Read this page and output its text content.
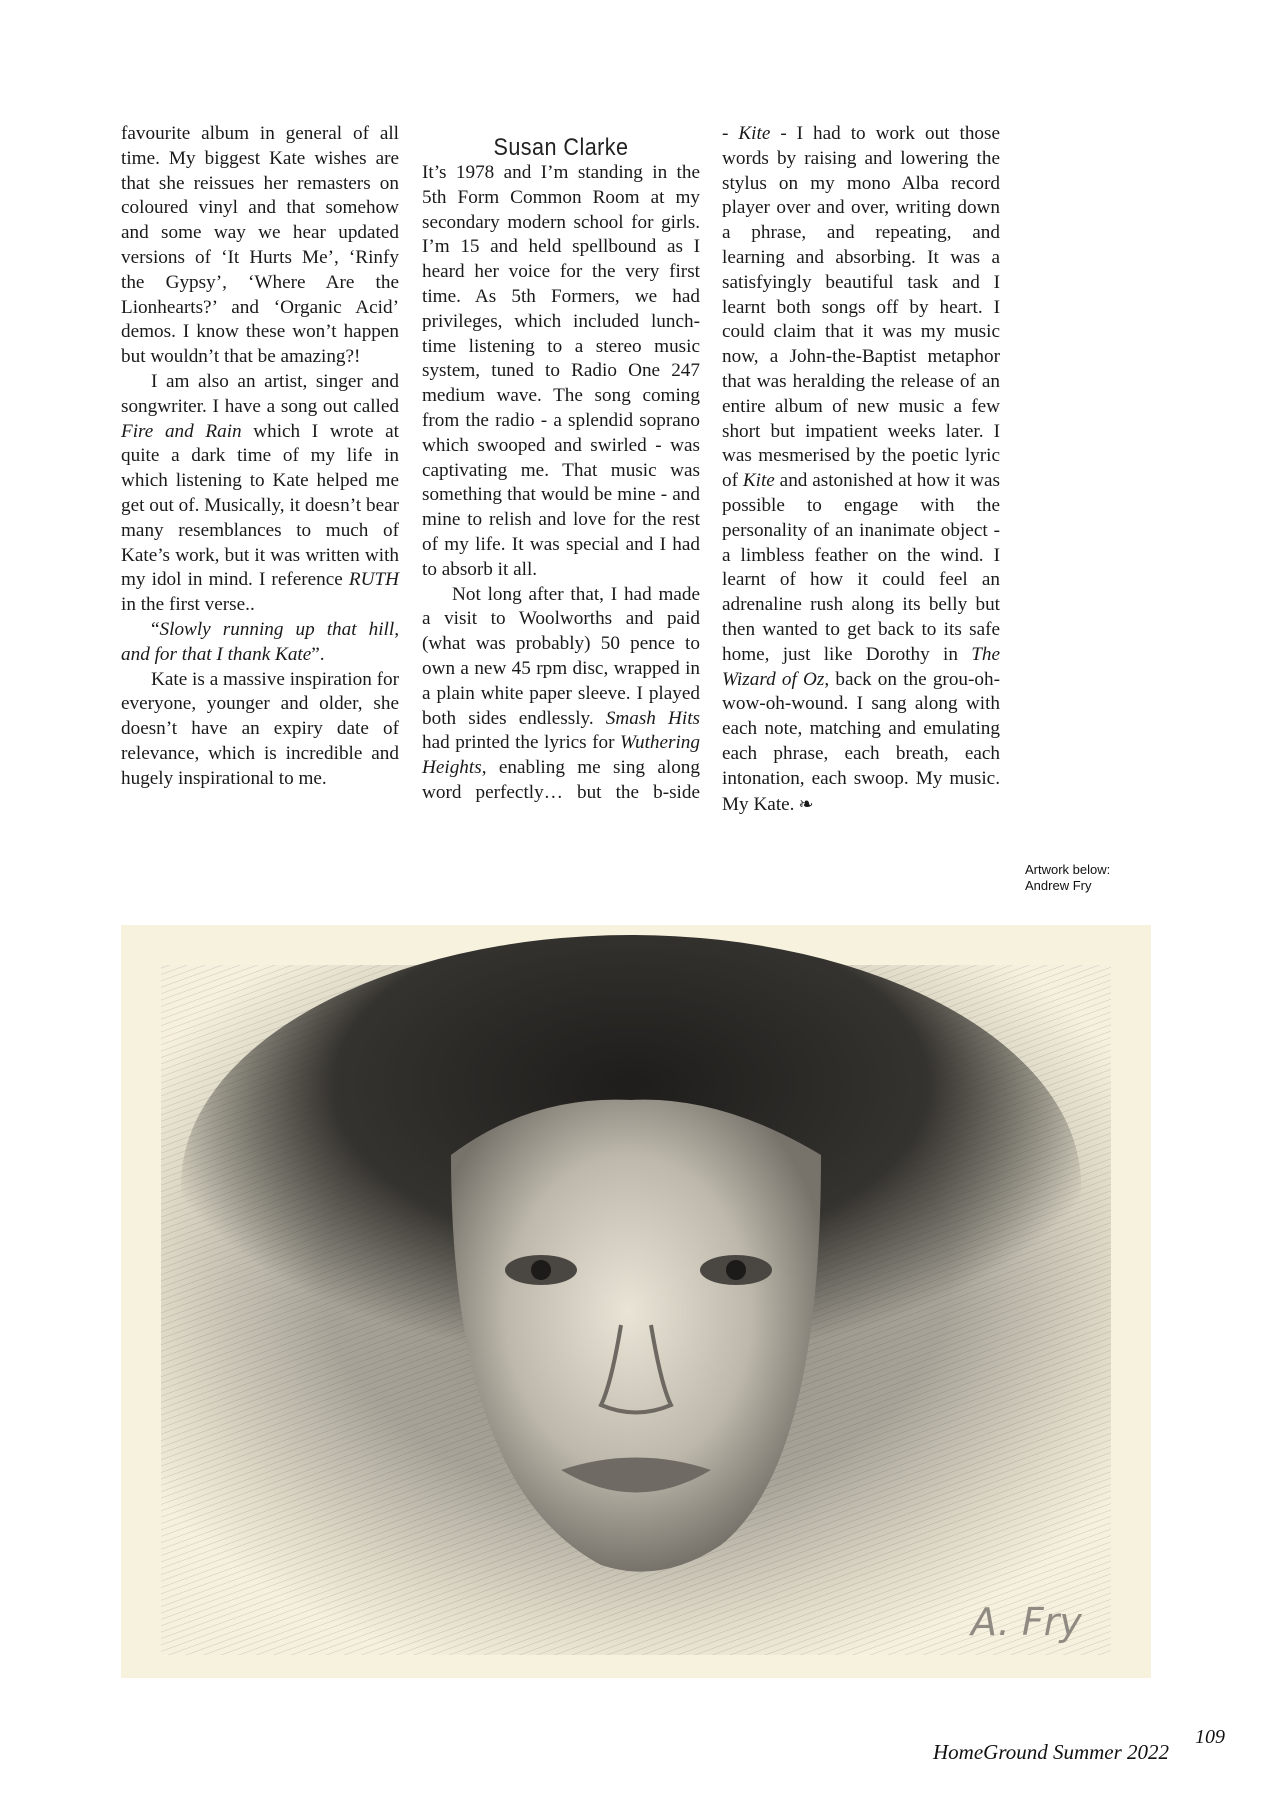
favourite album in general of all time. My biggest Kate wishes are that she reissues her remasters on coloured vinyl and that somehow and some way we hear updated versions of ‘It Hurts Me’, ‘Rinfy the Gypsy’, ‘Where Are the Lionhearts?’ and ‘Organic Acid’ demos. I know these won’t happen but wouldn’t that be amazing?!

I am also an artist, singer and songwriter. I have a song out called Fire and Rain which I wrote at quite a dark time of my life in which listening to Kate helped me get out of. Musically, it doesn’t bear many resemblances to much of Kate’s work, but it was written with my idol in mind. I reference RUTH in the first verse..

“Slowly running up that hill, and for that I thank Kate”.

Kate is a massive inspiration for everyone, younger and older, she doesn’t have an expiry date of relevance, which is incredible and hugely inspirational to me.

Susan Clarke

It’s 1978 and I’m standing in the 5th Form Common Room at my secondary modern school for girls. I’m 15 and held spellbound as I heard her voice for the very first time. As 5th Formers, we had privileges, which included lunch-time listening to a stereo music system, tuned to Radio One 247 medium wave. The song coming from the radio - a splendid soprano which swooped and swirled - was captivating me. That music was something that would be mine - and mine to relish and love for the rest of my life. It was special and I had to absorb it all.

Not long after that, I had made a visit to Woolworths and paid (what was probably) 50 pence to own a new 45 rpm disc, wrapped in a plain white paper sleeve. I played both sides endlessly. Smash Hits had printed the lyrics for Wuthering Heights, enabling me sing along word perfectly… but the b-side

- Kite - I had to work out those words by raising and lowering the stylus on my mono Alba record player over and over, writing down a phrase, and repeating, and learning and absorbing. It was a satisfyingly beautiful task and I learnt both songs off by heart. I could claim that it was my music now, a John-the-Baptist metaphor that was heralding the release of an entire album of new music a few short but impatient weeks later. I was mesmerised by the poetic lyric of Kite and astonished at how it was possible to engage with the personality of an inanimate object - a limbless feather on the wind. I learnt of how it could feel an adrenaline rush along its belly but then wanted to get back to its safe home, just like Dorothy in The Wizard of Oz, back on the grou-oh-wow-oh-wound. I sang along with each note, matching and emulating each phrase, each breath, each intonation, each swoop. My music. My Kate. ❧

Artwork below:
Andrew Fry
A. Fry
109
HomeGround Summer 2022
